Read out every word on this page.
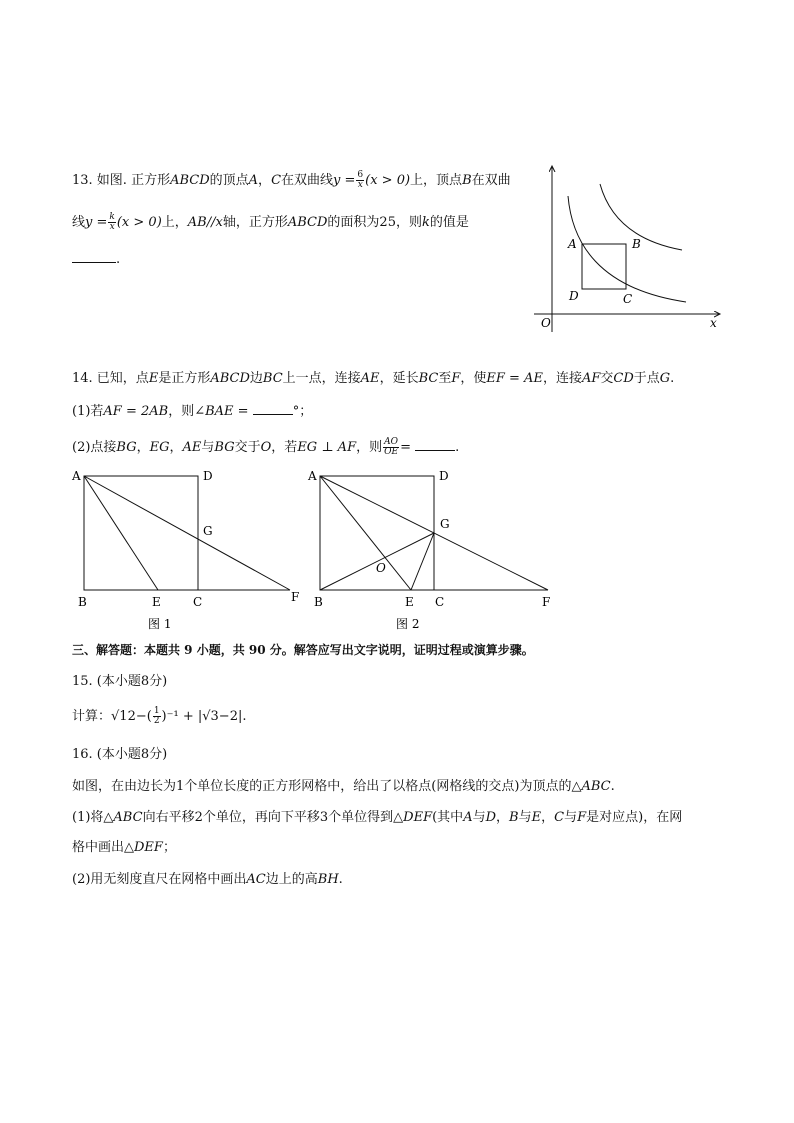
13. 如图. 正方形ABCD的顶点A，C在双曲线$y = \frac{6}{x} (x > 0)$上，顶点B在双曲
线$y = \frac{k}{x} (x > 0)$上，AB//x轴，正方形ABCD的面积为25，则k的值是
.
A	B
D	C
O	x
14. 已知，点E是正方形ABCD边BC上一点，连接AE，延长BC至F，使EF = AE，连接AF交CD于点G.
(1)若AF = 2AB，则∠BAE =	°；
(2)点接BG，EG，AE与BG交于O，若EG ⊥ AF，则 $\frac{AO}{OE}$ =	.
A	D
G
B	E	C	F
图 1
A	D
G
O
B	E C	F
图 2
三、解答题：本题共 9 小题，共 90 分。解答应写出文字说明，证明过程或演算步骤。
15. (本小题8分)
计算：$√12-( \frac{1}{2} )^{-1} + |√3-2|$.
16. (本小题8分)
如图，在由边长为1个单位长度的正方形网格中，给出了以格点(网格线的交点)为顶点的△ABC.
(1)将△ABC向右平移2个单位，再向下平移3个单位得到△DEF(其中A与D，B与E，C与F是对应点)，在网
格中画出△DEF；
(2)用无刻度直尺在网格中画出AC边上的高BH.
